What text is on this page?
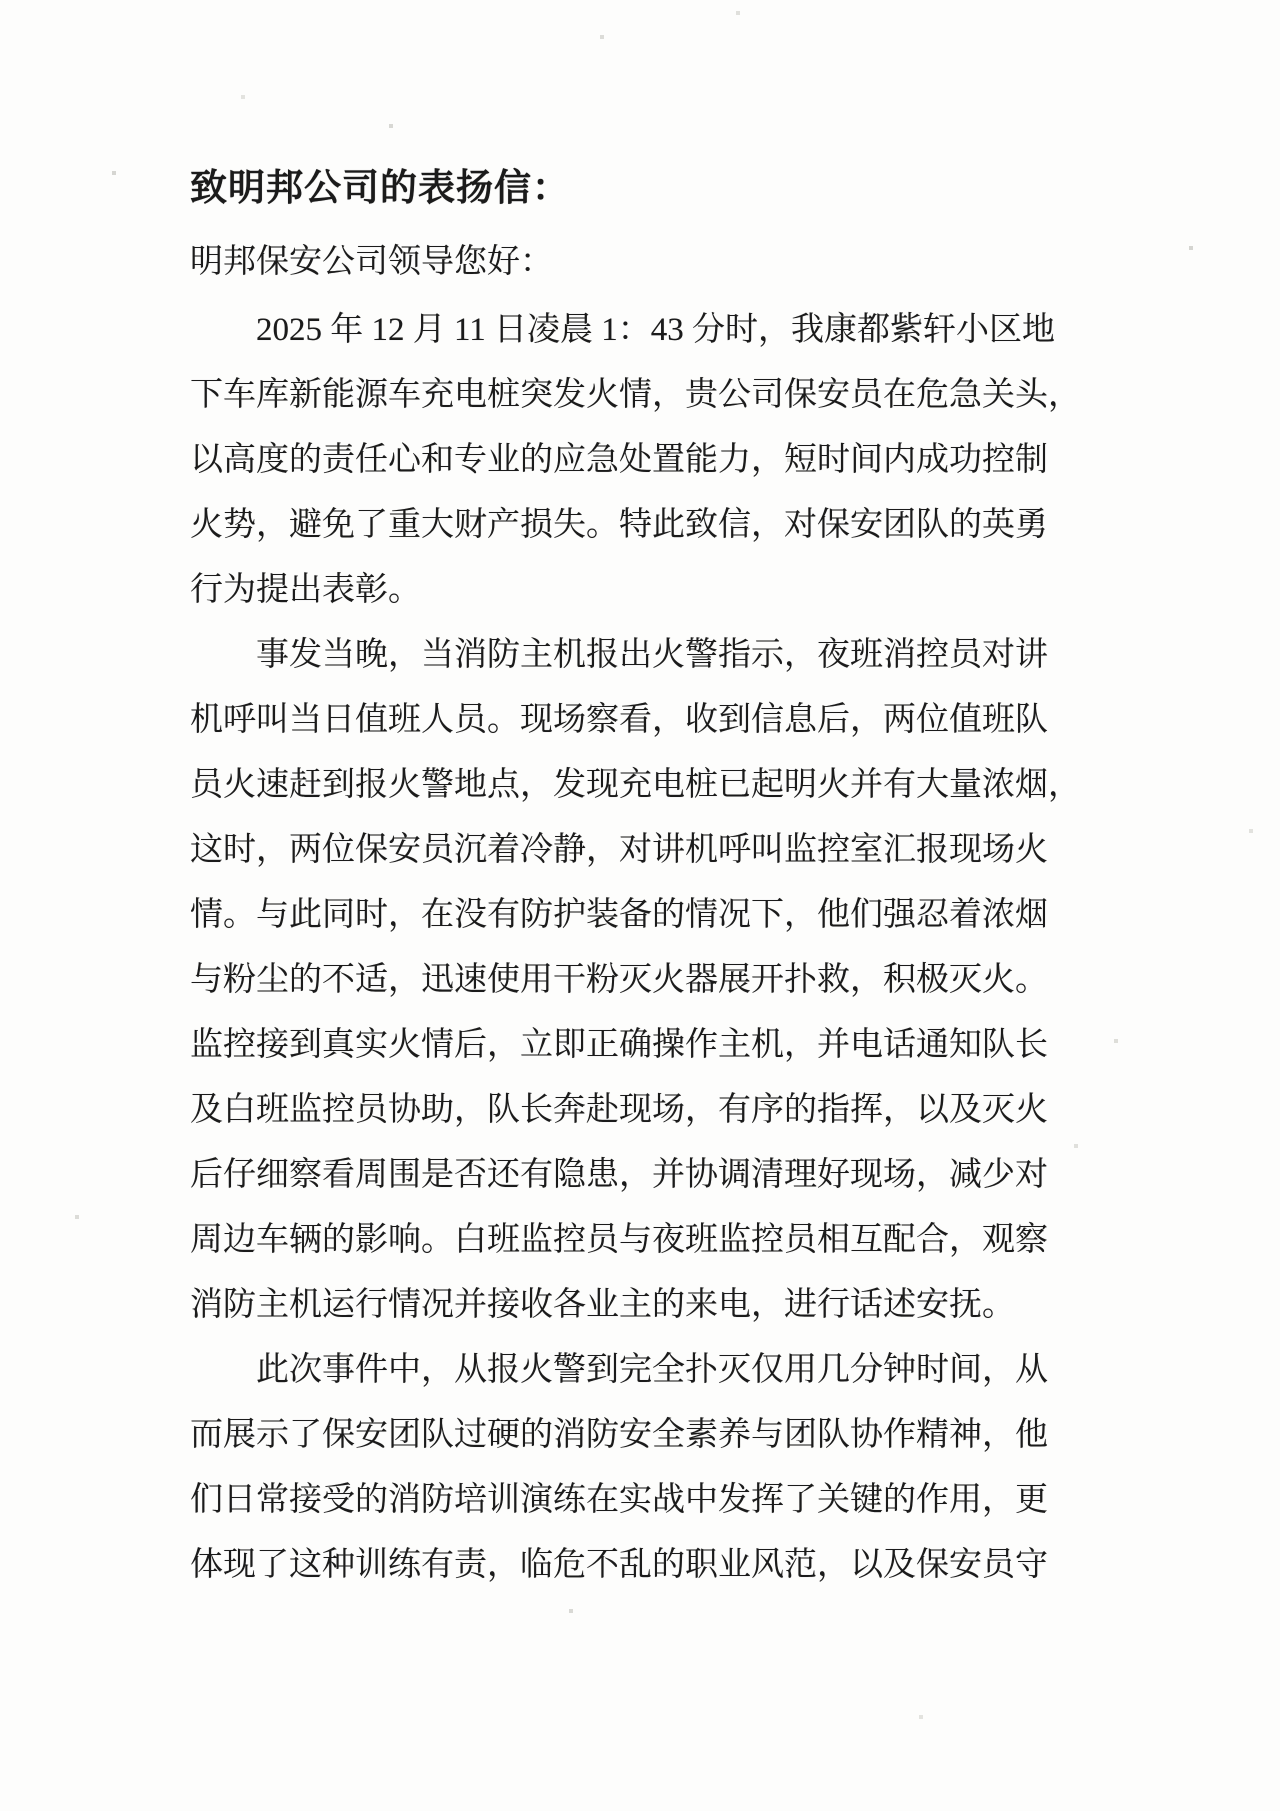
致明邦公司的表扬信：
明邦保安公司领导您好：
2025 年 12 月 11 日凌晨 1：43 分时，我康都紫轩小区地
下车库新能源车充电桩突发火情，贵公司保安员在危急关头，
以高度的责任心和专业的应急处置能力，短时间内成功控制
火势，避免了重大财产损失。特此致信，对保安团队的英勇
行为提出表彰。
事发当晚，当消防主机报出火警指示，夜班消控员对讲
机呼叫当日值班人员。现场察看，收到信息后，两位值班队
员火速赶到报火警地点，发现充电桩已起明火并有大量浓烟，
这时，两位保安员沉着冷静，对讲机呼叫监控室汇报现场火
情。与此同时，在没有防护装备的情况下，他们强忍着浓烟
与粉尘的不适，迅速使用干粉灭火器展开扑救，积极灭火。
监控接到真实火情后，立即正确操作主机，并电话通知队长
及白班监控员协助，队长奔赴现场，有序的指挥，以及灭火
后仔细察看周围是否还有隐患，并协调清理好现场，减少对
周边车辆的影响。白班监控员与夜班监控员相互配合，观察
消防主机运行情况并接收各业主的来电，进行话述安抚。
此次事件中，从报火警到完全扑灭仅用几分钟时间，从
而展示了保安团队过硬的消防安全素养与团队协作精神，他
们日常接受的消防培训演练在实战中发挥了关键的作用，更
体现了这种训练有责，临危不乱的职业风范，以及保安员守
